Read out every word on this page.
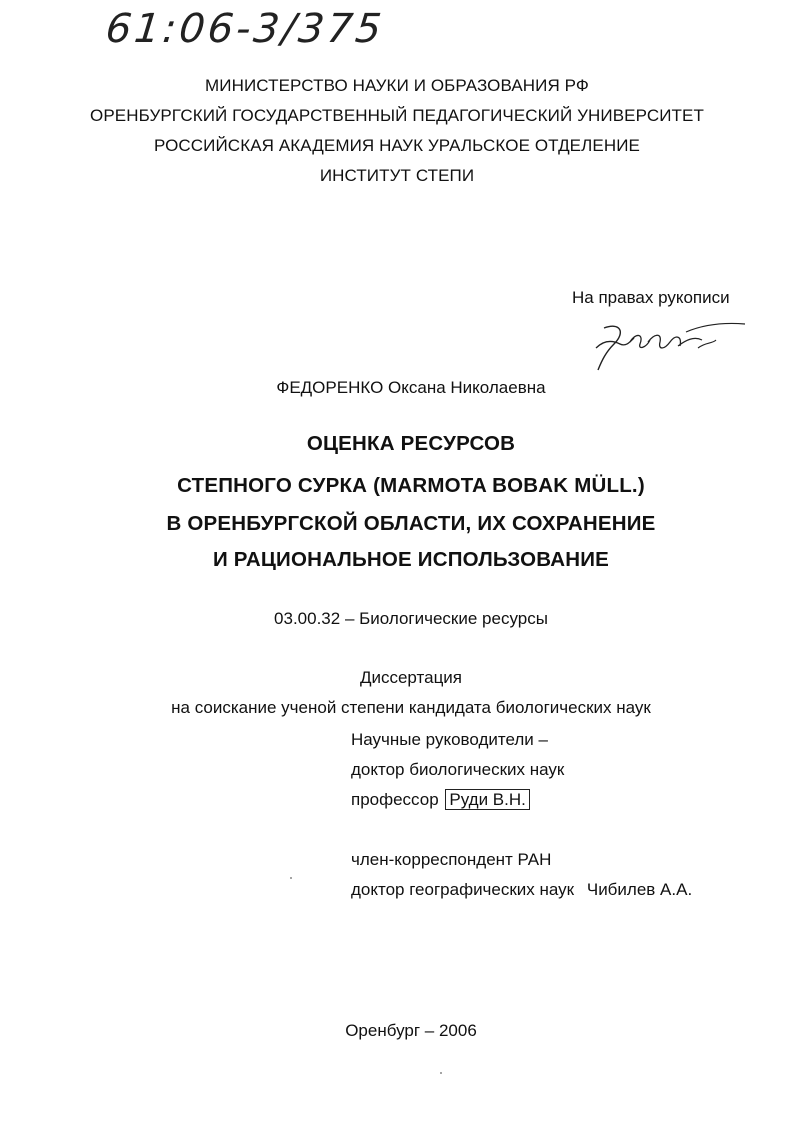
61:06-3/375
МИНИСТЕРСТВО НАУКИ И ОБРАЗОВАНИЯ РФ
ОРЕНБУРГСКИЙ ГОСУДАРСТВЕННЫЙ ПЕДАГОГИЧЕСКИЙ УНИВЕРСИТЕТ
РОССИЙСКАЯ АКАДЕМИЯ НАУК УРАЛЬСКОЕ ОТДЕЛЕНИЕ
ИНСТИТУТ СТЕПИ
На правах рукописи
ФЕДОРЕНКО Оксана Николаевна
ОЦЕНКА РЕСУРСОВ
СТЕПНОГО СУРКА (MARMOTA BOBAK MÜLL.)
В ОРЕНБУРГСКОЙ ОБЛАСТИ, ИХ СОХРАНЕНИЕ
И РАЦИОНАЛЬНОЕ ИСПОЛЬЗОВАНИЕ
03.00.32 – Биологические ресурсы
Диссертация
на соискание ученой степени кандидата биологических наук
Научные руководители –
доктор биологических наук
профессор Руди В.Н.
член-корреспондент РАН
доктор географических наук Чибилев А.А.
Оренбург – 2006
